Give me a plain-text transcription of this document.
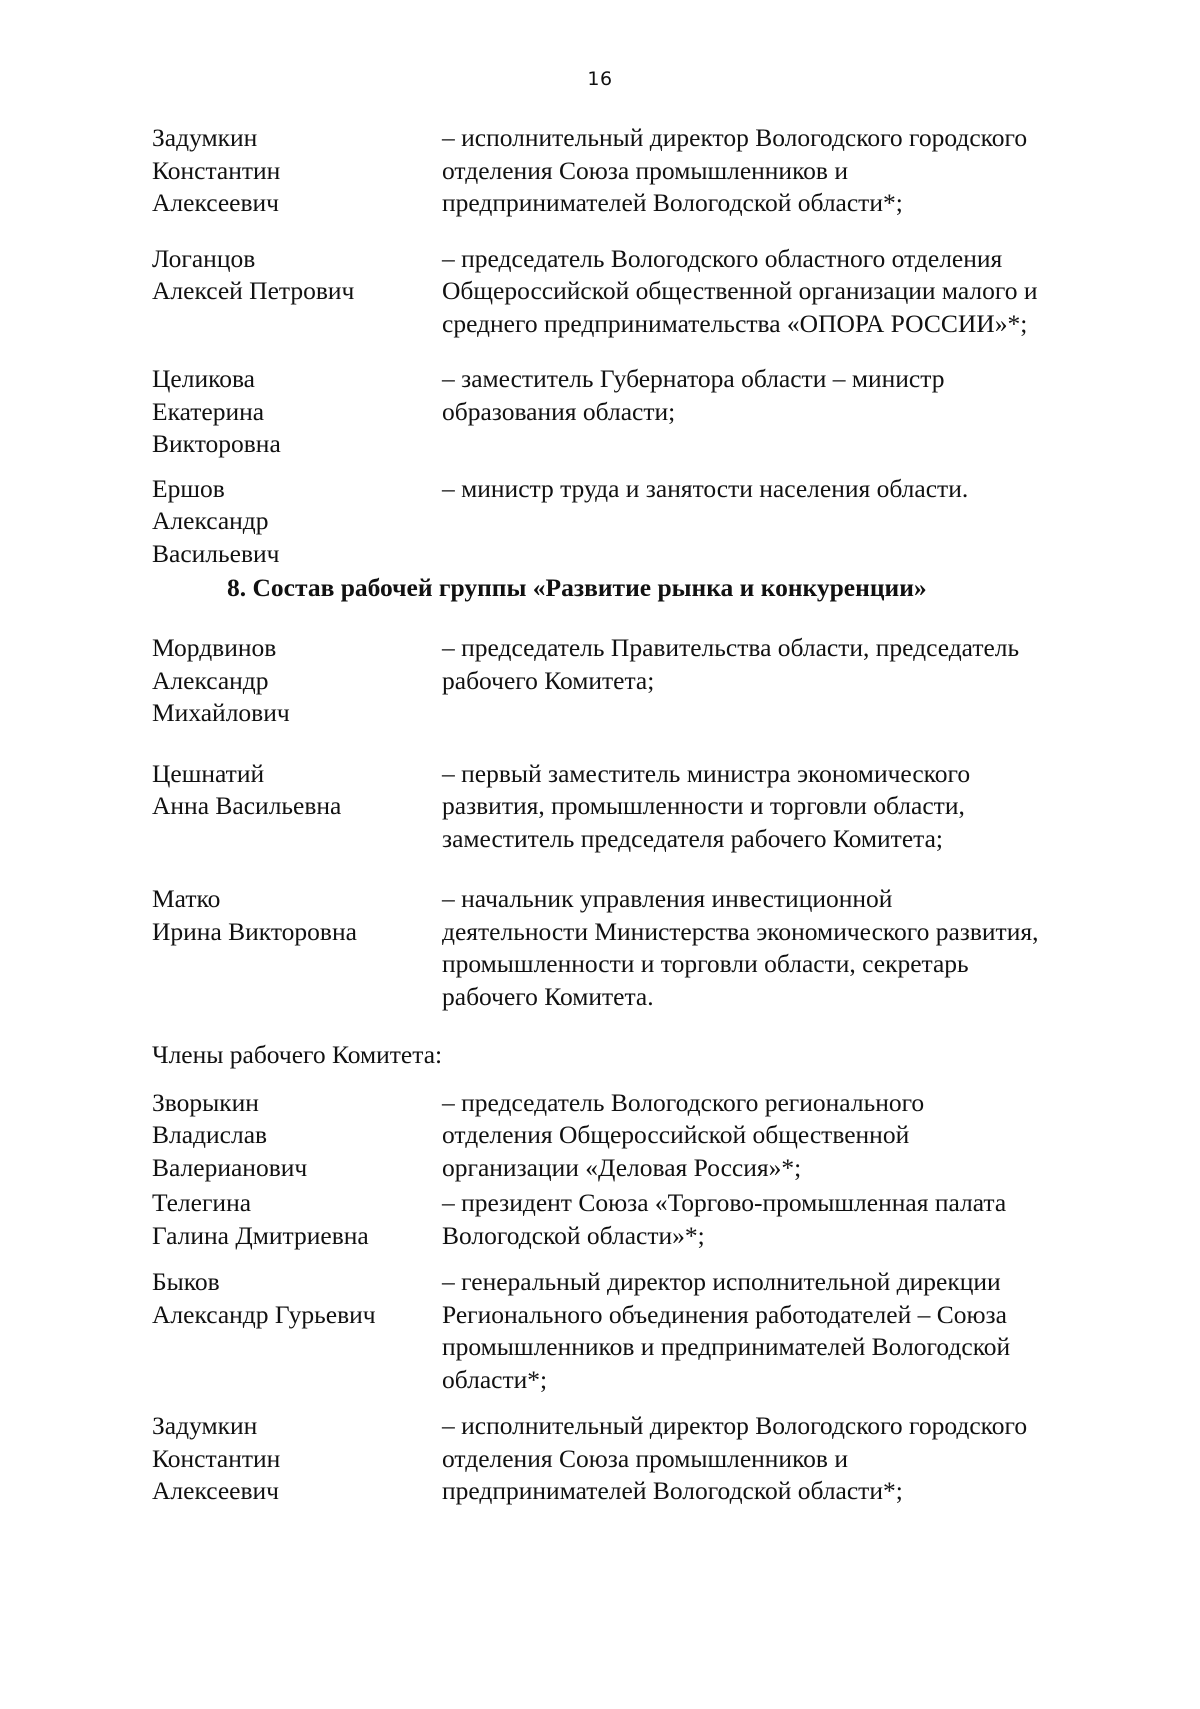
16
Задумкин
Константин
Алексеевич
– исполнительный директор Вологодского городского
отделения Союза промышленников и
предпринимателей Вологодской области*;
Логанцов
Алексей Петрович
– председатель Вологодского областного отделения
Общероссийской общественной организации малого и
среднего предпринимательства «ОПОРА РОССИИ»*;
Целикова
Екатерина
Викторовна
– заместитель Губернатора области – министр
образования области;
Ершов
Александр
Васильевич
– министр труда и занятости населения области.
8. Состав рабочей группы «Развитие рынка и конкуренции»
Мордвинов
Александр
Михайлович
– председатель Правительства области, председатель
рабочего Комитета;
Цешнатий
Анна Васильевна
– первый заместитель министра экономического
развития, промышленности и торговли области,
заместитель председателя рабочего Комитета;
Матко
Ирина Викторовна
– начальник управления инвестиционной
деятельности Министерства экономического развития,
промышленности и торговли области, секретарь
рабочего Комитета.
Члены рабочего Комитета:
Зворыкин
Владислав
Валерианович
– председатель Вологодского регионального
отделения Общероссийской общественной
организации «Деловая Россия»*;
Телегина
Галина Дмитриевна
– президент Союза «Торгово-промышленная палата
Вологодской области»*;
Быков
Александр Гурьевич
– генеральный директор исполнительной дирекции
Регионального объединения работодателей – Союза
промышленников и предпринимателей Вологодской
области*;
Задумкин
Константин
Алексеевич
– исполнительный директор Вологодского городского
отделения Союза промышленников и
предпринимателей Вологодской области*;
